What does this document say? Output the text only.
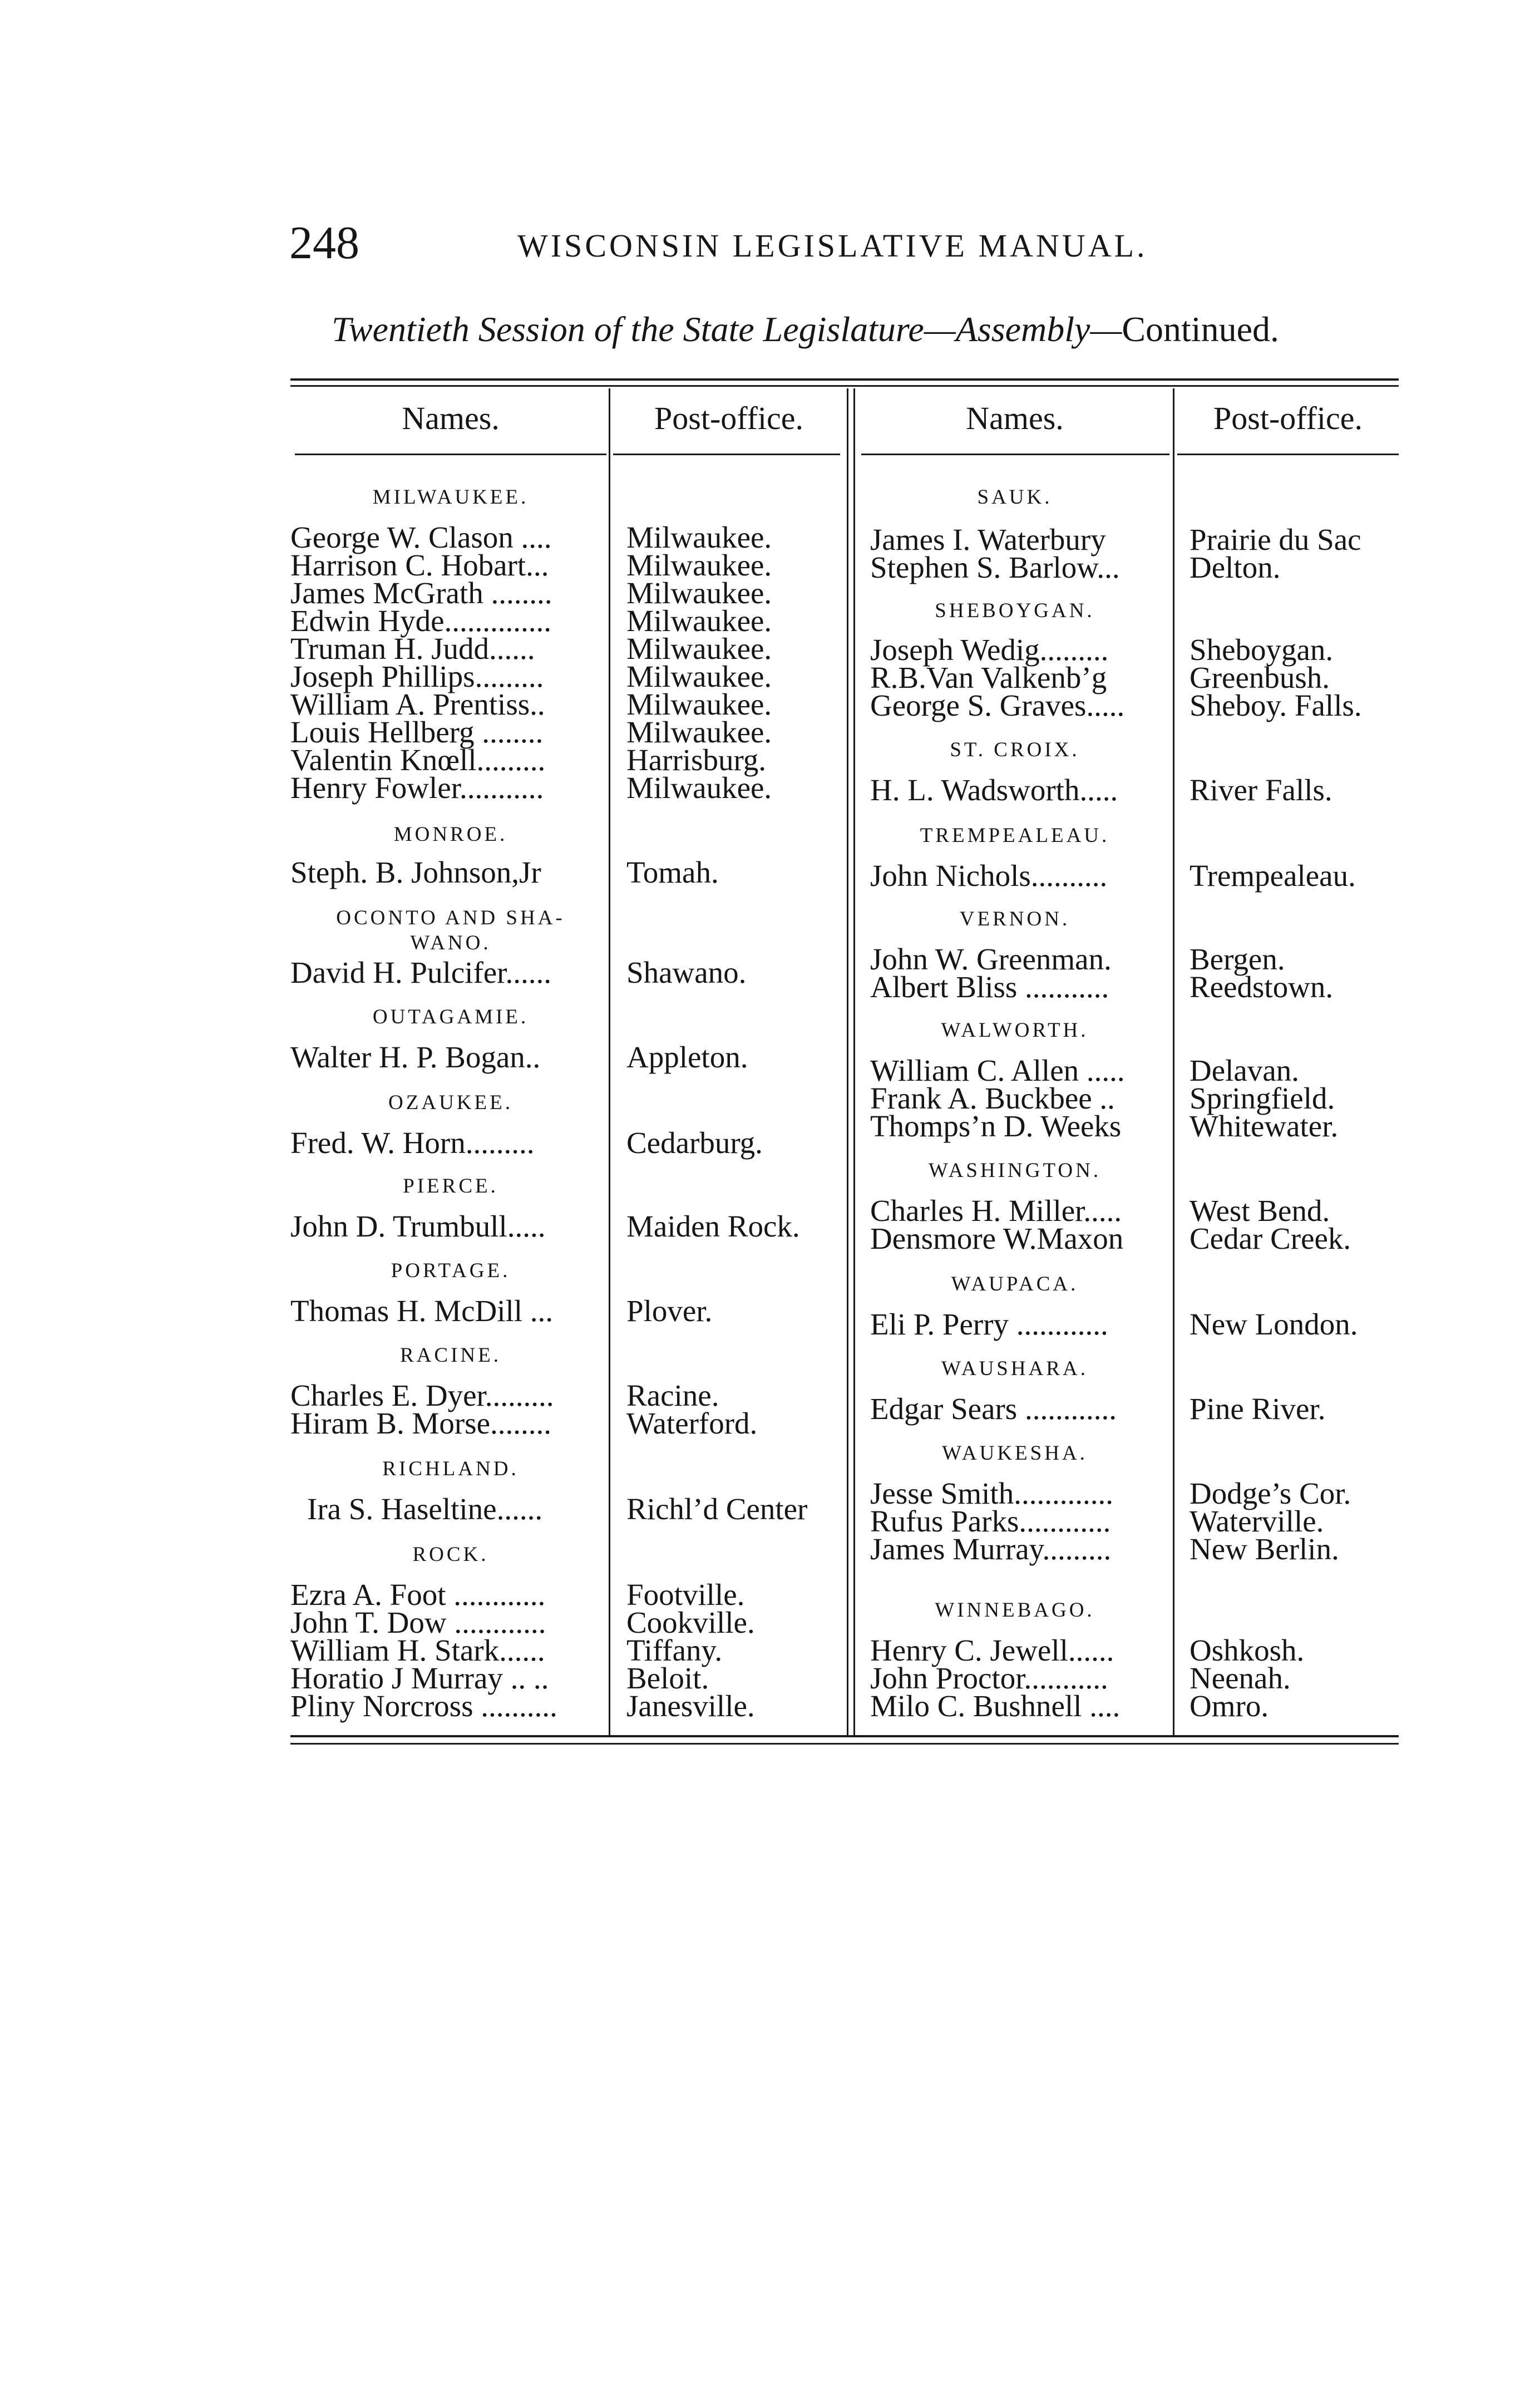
248	WISCONSIN LEGISLATIVE MANUAL.
Twentieth Session of the State Legislature—Assembly—Continued.
Names.	Post-office.	Names.	Post-office.
MILWAUKEE.
George W. Clason .... Milwaukee.
Harrison C. Hobart...	Milwaukee.
James McGrath ........ Milwaukee.
Edwin Hyde.............. Milwaukee.
Truman H. Judd......	Milwaukee.
Joseph Phillips.........	Milwaukee.
William A. Prentiss..	Milwaukee.
Louis Hellberg ........	Milwaukee.
Valentin Knœll.........	Harrisburg.
Henry Fowler...........	Milwaukee.
MONROE.
Steph. B. Johnson,Jr	Tomah.
OCONTO AND SHA-
WANO.
David H. Pulcifer...... Shawano.
OUTAGAMIE.
Walter H. P. Bogan..	Appleton.
OZAUKEE.
Fred. W. Horn.........	Cedarburg.
PIERCE.
John D. Trumbull.....	Maiden Rock.
PORTAGE.
Thomas H. McDill ... Plover.
RACINE.
Charles E. Dyer......... Racine.
Hiram B. Morse........ Waterford.
RICHLAND.
Ira S. Haseltine......	Richl’d Center
ROCK.
Ezra A. Foot ............	Footville.
John T. Dow ............	Cookville.
William H. Stark......	Tiffany.
Horatio J Murray .. ..	Beloit.
Pliny Norcross .......... Janesville.
SAUK.
James I. Waterbury	Prairie du Sac
Stephen S. Barlow... Delton.
SHEBOYGAN.
Joseph Wedig.........	Sheboygan.
R.B.Van Valkenb’g	Greenbush.
George S. Graves..... Sheboy. Falls.
ST. CROIX.
H. L. Wadsworth..... River Falls.
TREMPEALEAU.
John Nichols..........	Trempealeau.
VERNON.
John W. Greenman.	Bergen.
Albert Bliss ...........	Reedstown.
WALWORTH.
William C. Allen ..... Delavan.
Frank A. Buckbee .. Springfield.
Thomps’n D. Weeks Whitewater.
WASHINGTON.
Charles H. Miller..... West Bend.
Densmore W.Maxon Cedar Creek.
WAUPACA.
Eli P. Perry ............	New London.
WAUSHARA.
Edgar Sears ............ Pine River.
WAUKESHA.
Jesse Smith............. Dodge’s Cor.
Rufus Parks............	Waterville.
James Murray.........	New Berlin.
WINNEBAGO.
Henry C. Jewell...... Oshkosh.
John Proctor...........	Neenah.
Milo C. Bushnell .... Omro.
